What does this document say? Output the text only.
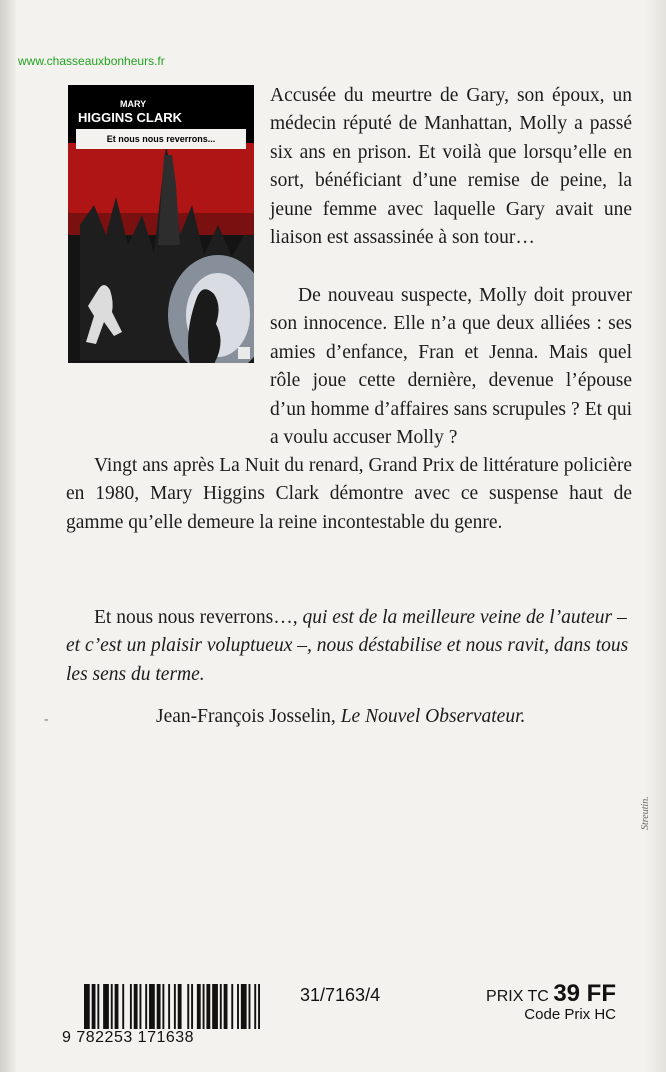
www.chasseauxbonheurs.fr
MARY
HIGGINS CLARK
Et nous nous reverrons...

Accusée du meurtre de Gary, son époux, un médecin réputé de Manhattan, Molly a passé six ans en prison. Et voilà que lorsqu’elle en sort, bénéficiant d’une remise de peine, la jeune femme avec laquelle Gary avait une liaison est assassinée à son tour…

De nouveau suspecte, Molly doit prouver son innocence. Elle n’a que deux alliées : ses amies d’enfance, Fran et Jenna. Mais quel rôle joue cette dernière, devenue l’épouse d’un homme d’affaires sans scrupules ? Et qui a voulu accuser Molly ?

Vingt ans après La Nuit du renard, Grand Prix de littérature policière en 1980, Mary Higgins Clark démontre avec ce suspense haut de gamme qu’elle demeure la reine incontestable du genre.

Et nous nous reverrons…, qui est de la meilleure veine de l’auteur – et c’est un plaisir voluptueux –, nous déstabilise et nous ravit, dans tous les sens du terme.

-	Jean-François Josselin, Le Nouvel Observateur.
Streutin.
9 782253 171638
31/7163/4	PRIX TC 39 FF
Code Prix HC
